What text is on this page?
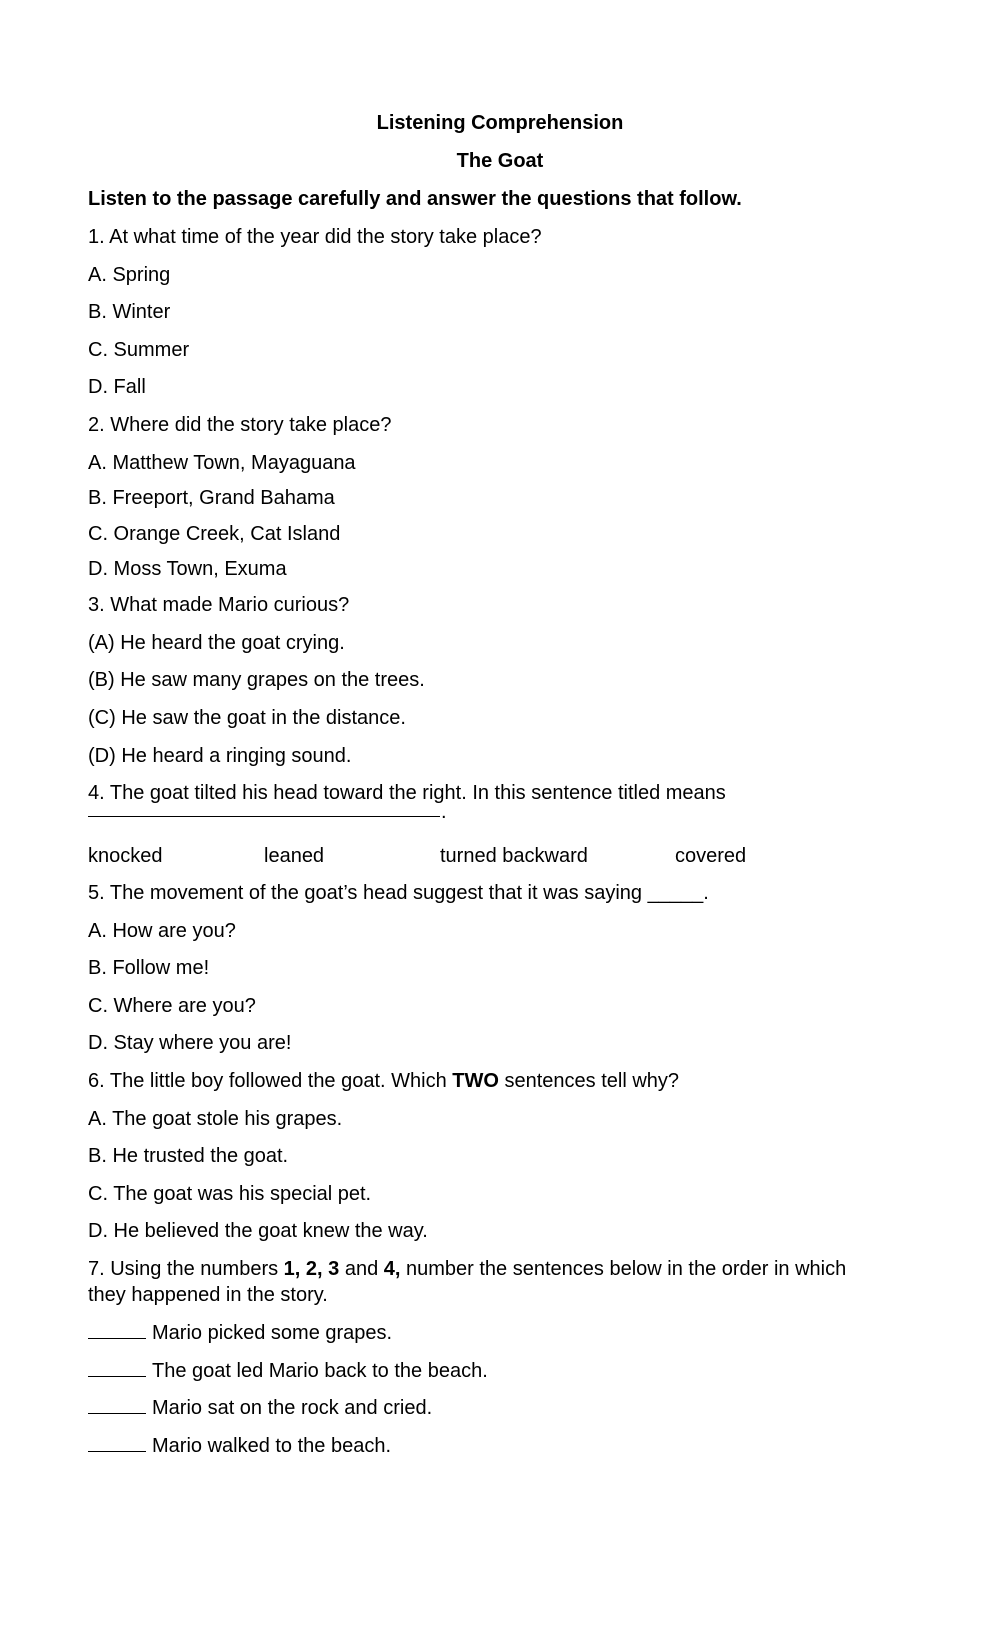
Listening Comprehension
The Goat
Listen to the passage carefully and answer the questions that follow.
1. At what time of the year did the story take place?
A. Spring
B. Winter
C. Summer
D. Fall
2. Where did the story take place?
A. Matthew Town, Mayaguana
B. Freeport, Grand Bahama
C. Orange Creek, Cat Island
D. Moss Town, Exuma
3. What made Mario curious?
(A) He heard the goat crying.
(B) He saw many grapes on the trees.
(C) He saw the goat in the distance.
(D) He heard a ringing sound.
4. The goat tilted his head toward the right. In this sentence titled means
.
knocked	leaned	turned backward	covered
5. The movement of the goat’s head suggest that it was saying _____.
A. How are you?
B. Follow me!
C. Where are you?
D. Stay where you are!
6. The little boy followed the goat. Which TWO sentences tell why?
A. The goat stole his grapes.
B. He trusted the goat.
C. The goat was his special pet.
D. He believed the goat knew the way.
7. Using the numbers 1, 2, 3 and 4, number the sentences below in the order in which
they happened in the story.
Mario picked some grapes.
The goat led Mario back to the beach.
Mario sat on the rock and cried.
Mario walked to the beach.
